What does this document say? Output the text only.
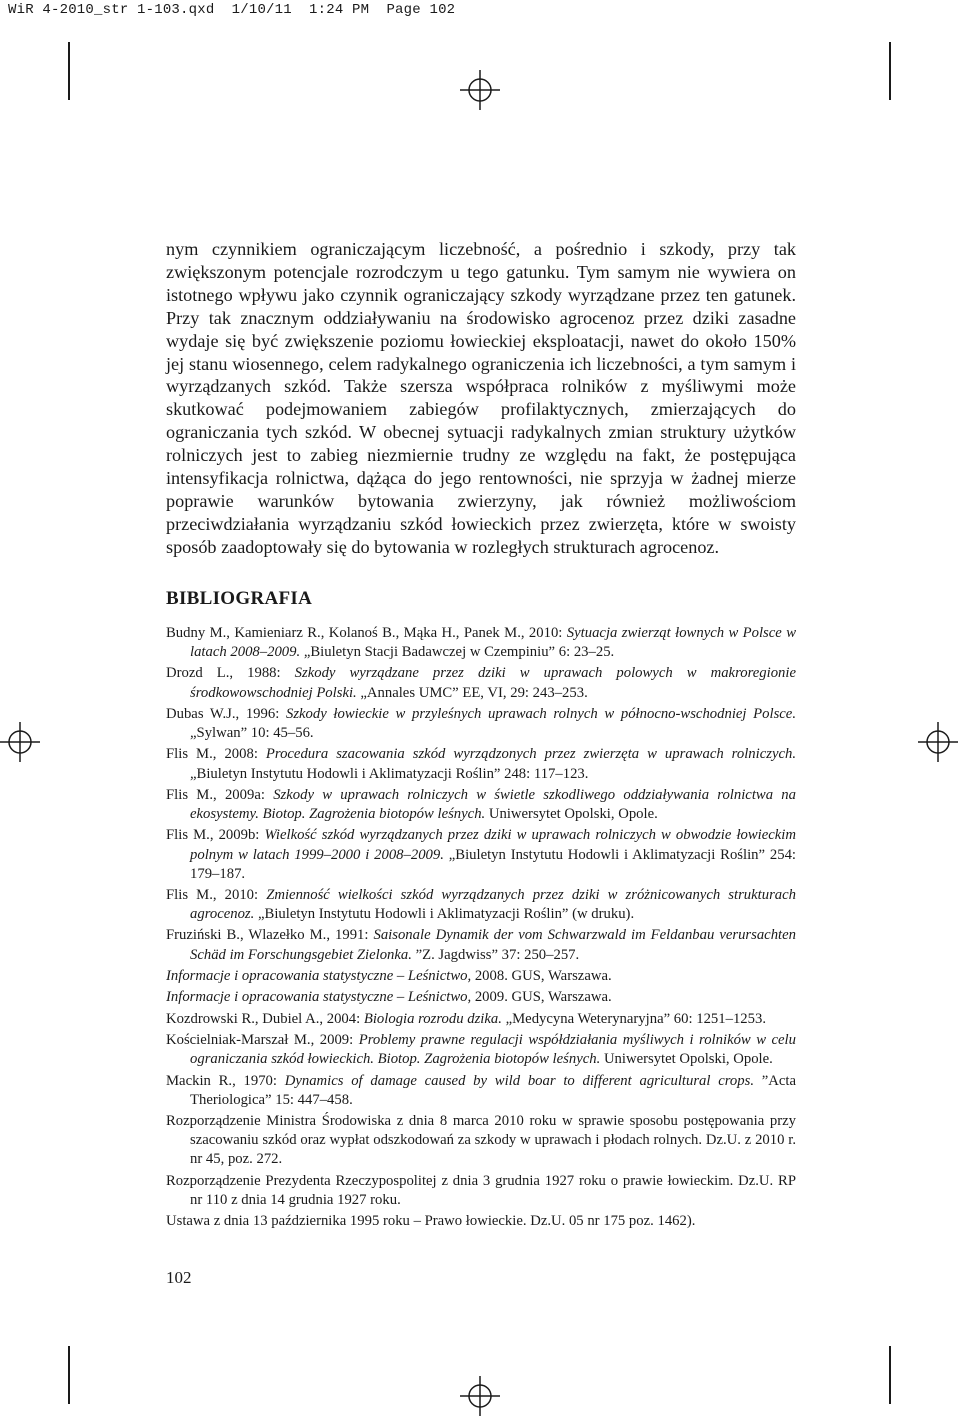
WiR 4-2010_str 1-103.qxd  1/10/11  1:24 PM  Page 102

nym czynnikiem ograniczającym liczebność, a pośrednio i szkody, przy tak zwiększonym potencjale rozrodczym u tego gatunku. Tym samym nie wywiera on istotnego wpływu jako czynnik ograniczający szkody wyrządzane przez ten gatunek. Przy tak znacznym oddziaływaniu na środowisko agrocenoz przez dziki zasadne wydaje się być zwiększenie poziomu łowieckiej eksploatacji, nawet do około 150% jej stanu wiosennego, celem radykalnego ograniczenia ich liczebności, a tym samym i wyrządzanych szkód. Także szersza współpraca rolników z myśliwymi może skutkować podejmowaniem zabiegów profilaktycznych, zmierzających do ograniczania tych szkód. W obecnej sytuacji radykalnych zmian struktury użytków rolniczych jest to zabieg niezmiernie trudny ze względu na fakt, że postępująca intensyfikacja rolnictwa, dążąca do jego rentowności, nie sprzyja w żadnej mierze poprawie warunków bytowania zwierzyny, jak również możliwościom przeciwdziałania wyrządzaniu szkód łowieckich przez zwierzęta, które w swoisty sposób zaadoptowały się do bytowania w rozległych strukturach agrocenoz.

BIBLIOGRAFIA

Budny M., Kamieniarz R., Kolanoś B., Mąka H., Panek M., 2010: Sytuacja zwierząt łownych w Polsce w latach 2008–2009. „Biuletyn Stacji Badawczej w Czempiniu” 6: 23–25.

Drozd L., 1988: Szkody wyrządzane przez dziki w uprawach polowych w makroregionie środkowowschodniej Polski. „Annales UMC” EE, VI, 29: 243–253.

Dubas W.J., 1996: Szkody łowieckie w przyleśnych uprawach rolnych w północno-wschodniej Polsce. „Sylwan” 10: 45–56.

Flis M., 2008: Procedura szacowania szkód wyrządzonych przez zwierzęta w uprawach rolniczych. „Biuletyn Instytutu Hodowli i Aklimatyzacji Roślin” 248: 117–123.

Flis M., 2009a: Szkody w uprawach rolniczych w świetle szkodliwego oddziaływania rolnictwa na ekosystemy. Biotop. Zagrożenia biotopów leśnych. Uniwersytet Opolski, Opole.

Flis M., 2009b: Wielkość szkód wyrządzanych przez dziki w uprawach rolniczych w obwodzie łowieckim polnym w latach 1999–2000 i 2008–2009. „Biuletyn Instytutu Hodowli i Aklimatyzacji Roślin” 254: 179–187.

Flis M., 2010: Zmienność wielkości szkód wyrządzanych przez dziki w zróżnicowanych strukturach agrocenoz. „Biuletyn Instytutu Hodowli i Aklimatyzacji Roślin” (w druku).

Fruziński B., Wlazełko M., 1991: Saisonale Dynamik der vom Schwarzwald im Feldanbau verursachten Schäd im Forschungsgebiet Zielonka. ”Z. Jagdwiss” 37: 250–257.

Informacje i opracowania statystyczne – Leśnictwo, 2008. GUS, Warszawa.

Informacje i opracowania statystyczne – Leśnictwo, 2009. GUS, Warszawa.

Kozdrowski R., Dubiel A., 2004: Biologia rozrodu dzika. „Medycyna Weterynaryjna” 60: 1251–1253.

Kościelniak-Marszał M., 2009: Problemy prawne regulacji współdziałania myśliwych i rolników w celu ograniczania szkód łowieckich. Biotop. Zagrożenia biotopów leśnych. Uniwersytet Opolski, Opole.

Mackin R., 1970: Dynamics of damage caused by wild boar to different agricultural crops. ”Acta Theriologica” 15: 447–458.

Rozporządzenie Ministra Środowiska z dnia 8 marca 2010 roku w sprawie sposobu postępowania przy szacowaniu szkód oraz wypłat odszkodowań za szkody w uprawach i płodach rolnych. Dz.U. z 2010 r. nr 45, poz. 272.

Rozporządzenie Prezydenta Rzeczypospolitej z dnia 3 grudnia 1927 roku o prawie łowieckim. Dz.U. RP nr 110 z dnia 14 grudnia 1927 roku.

Ustawa z dnia 13 października 1995 roku – Prawo łowieckie. Dz.U. 05 nr 175 poz. 1462).

102
